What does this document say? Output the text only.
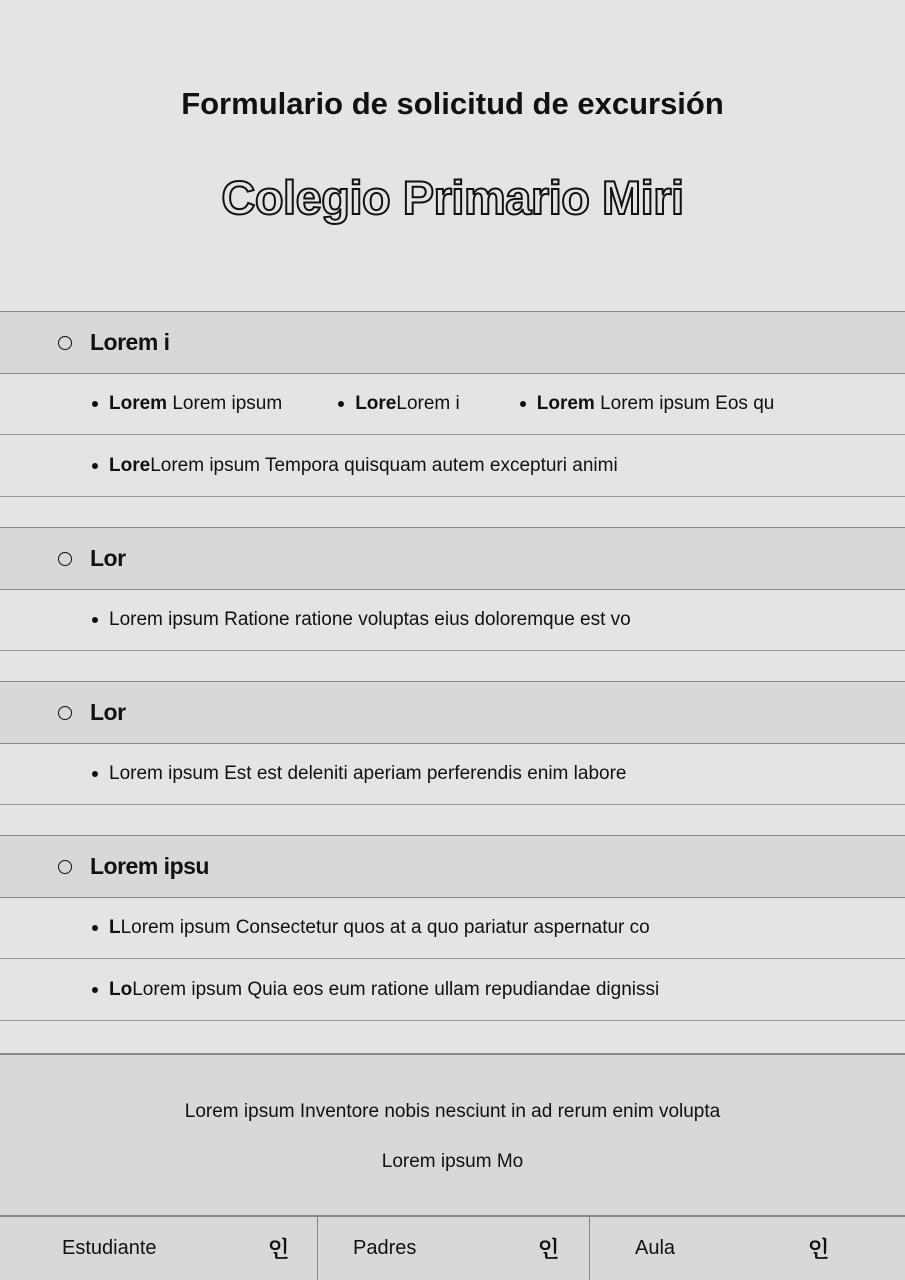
Formulario de solicitud de excursión
Colegio Primario Miri
Lorem i
Lorem Lorem ipsum	Lore Lorem i	Lorem Lorem ipsum Eos qu
Lore Lorem ipsum Tempora quisquam autem excepturi animi
Lor
Lorem ipsum Ratione ratione voluptas eius doloremque est vo
Lor
Lorem ipsum Est est deleniti aperiam perferendis enim labore
Lorem ipsu
L Lorem ipsum Consectetur quos at a quo pariatur aspernatur co
Lo Lorem ipsum Quia eos eum ratione ullam repudiandae dignissi

Lorem ipsum Inventore nobis nesciunt in ad rerum enim volupta

Lorem ipsum Mo

Estudiante	인	Padres	인	Aula	인
